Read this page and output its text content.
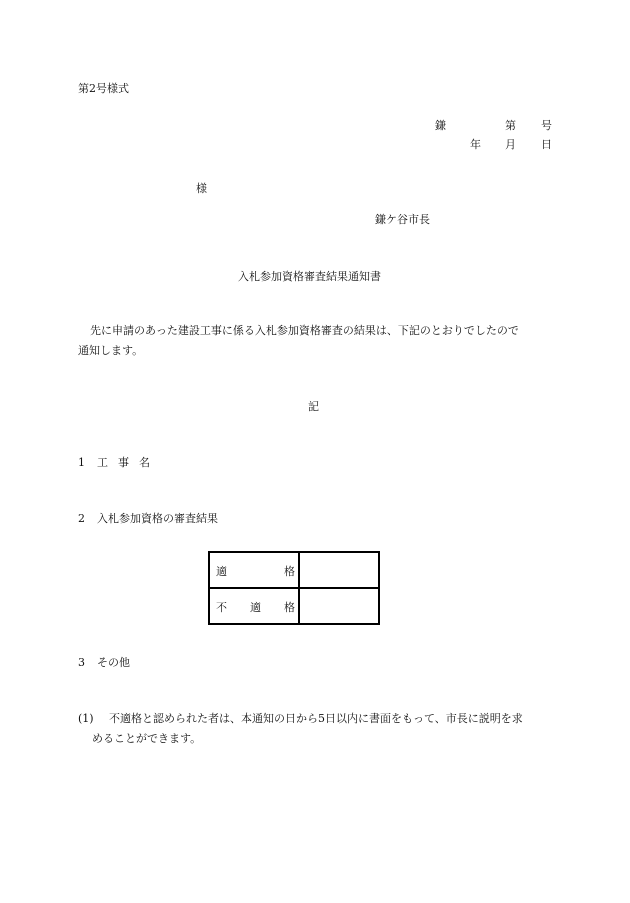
第2号様式
鎌	第 号
年 月 日
様
鎌ケ谷市長
入札参加資格審査結果通知書
先に申請のあった建設工事に係る入札参加資格審査の結果は、下記のとおりでしたので
通知します。
記
1 工 事 名
2 入札参加資格の審査結果
適 格	

不 適 格	

3 その他
(1) 不適格と認められた者は、本通知の日から5日以内に書面をもって、市長に説明を求
めることができます。
